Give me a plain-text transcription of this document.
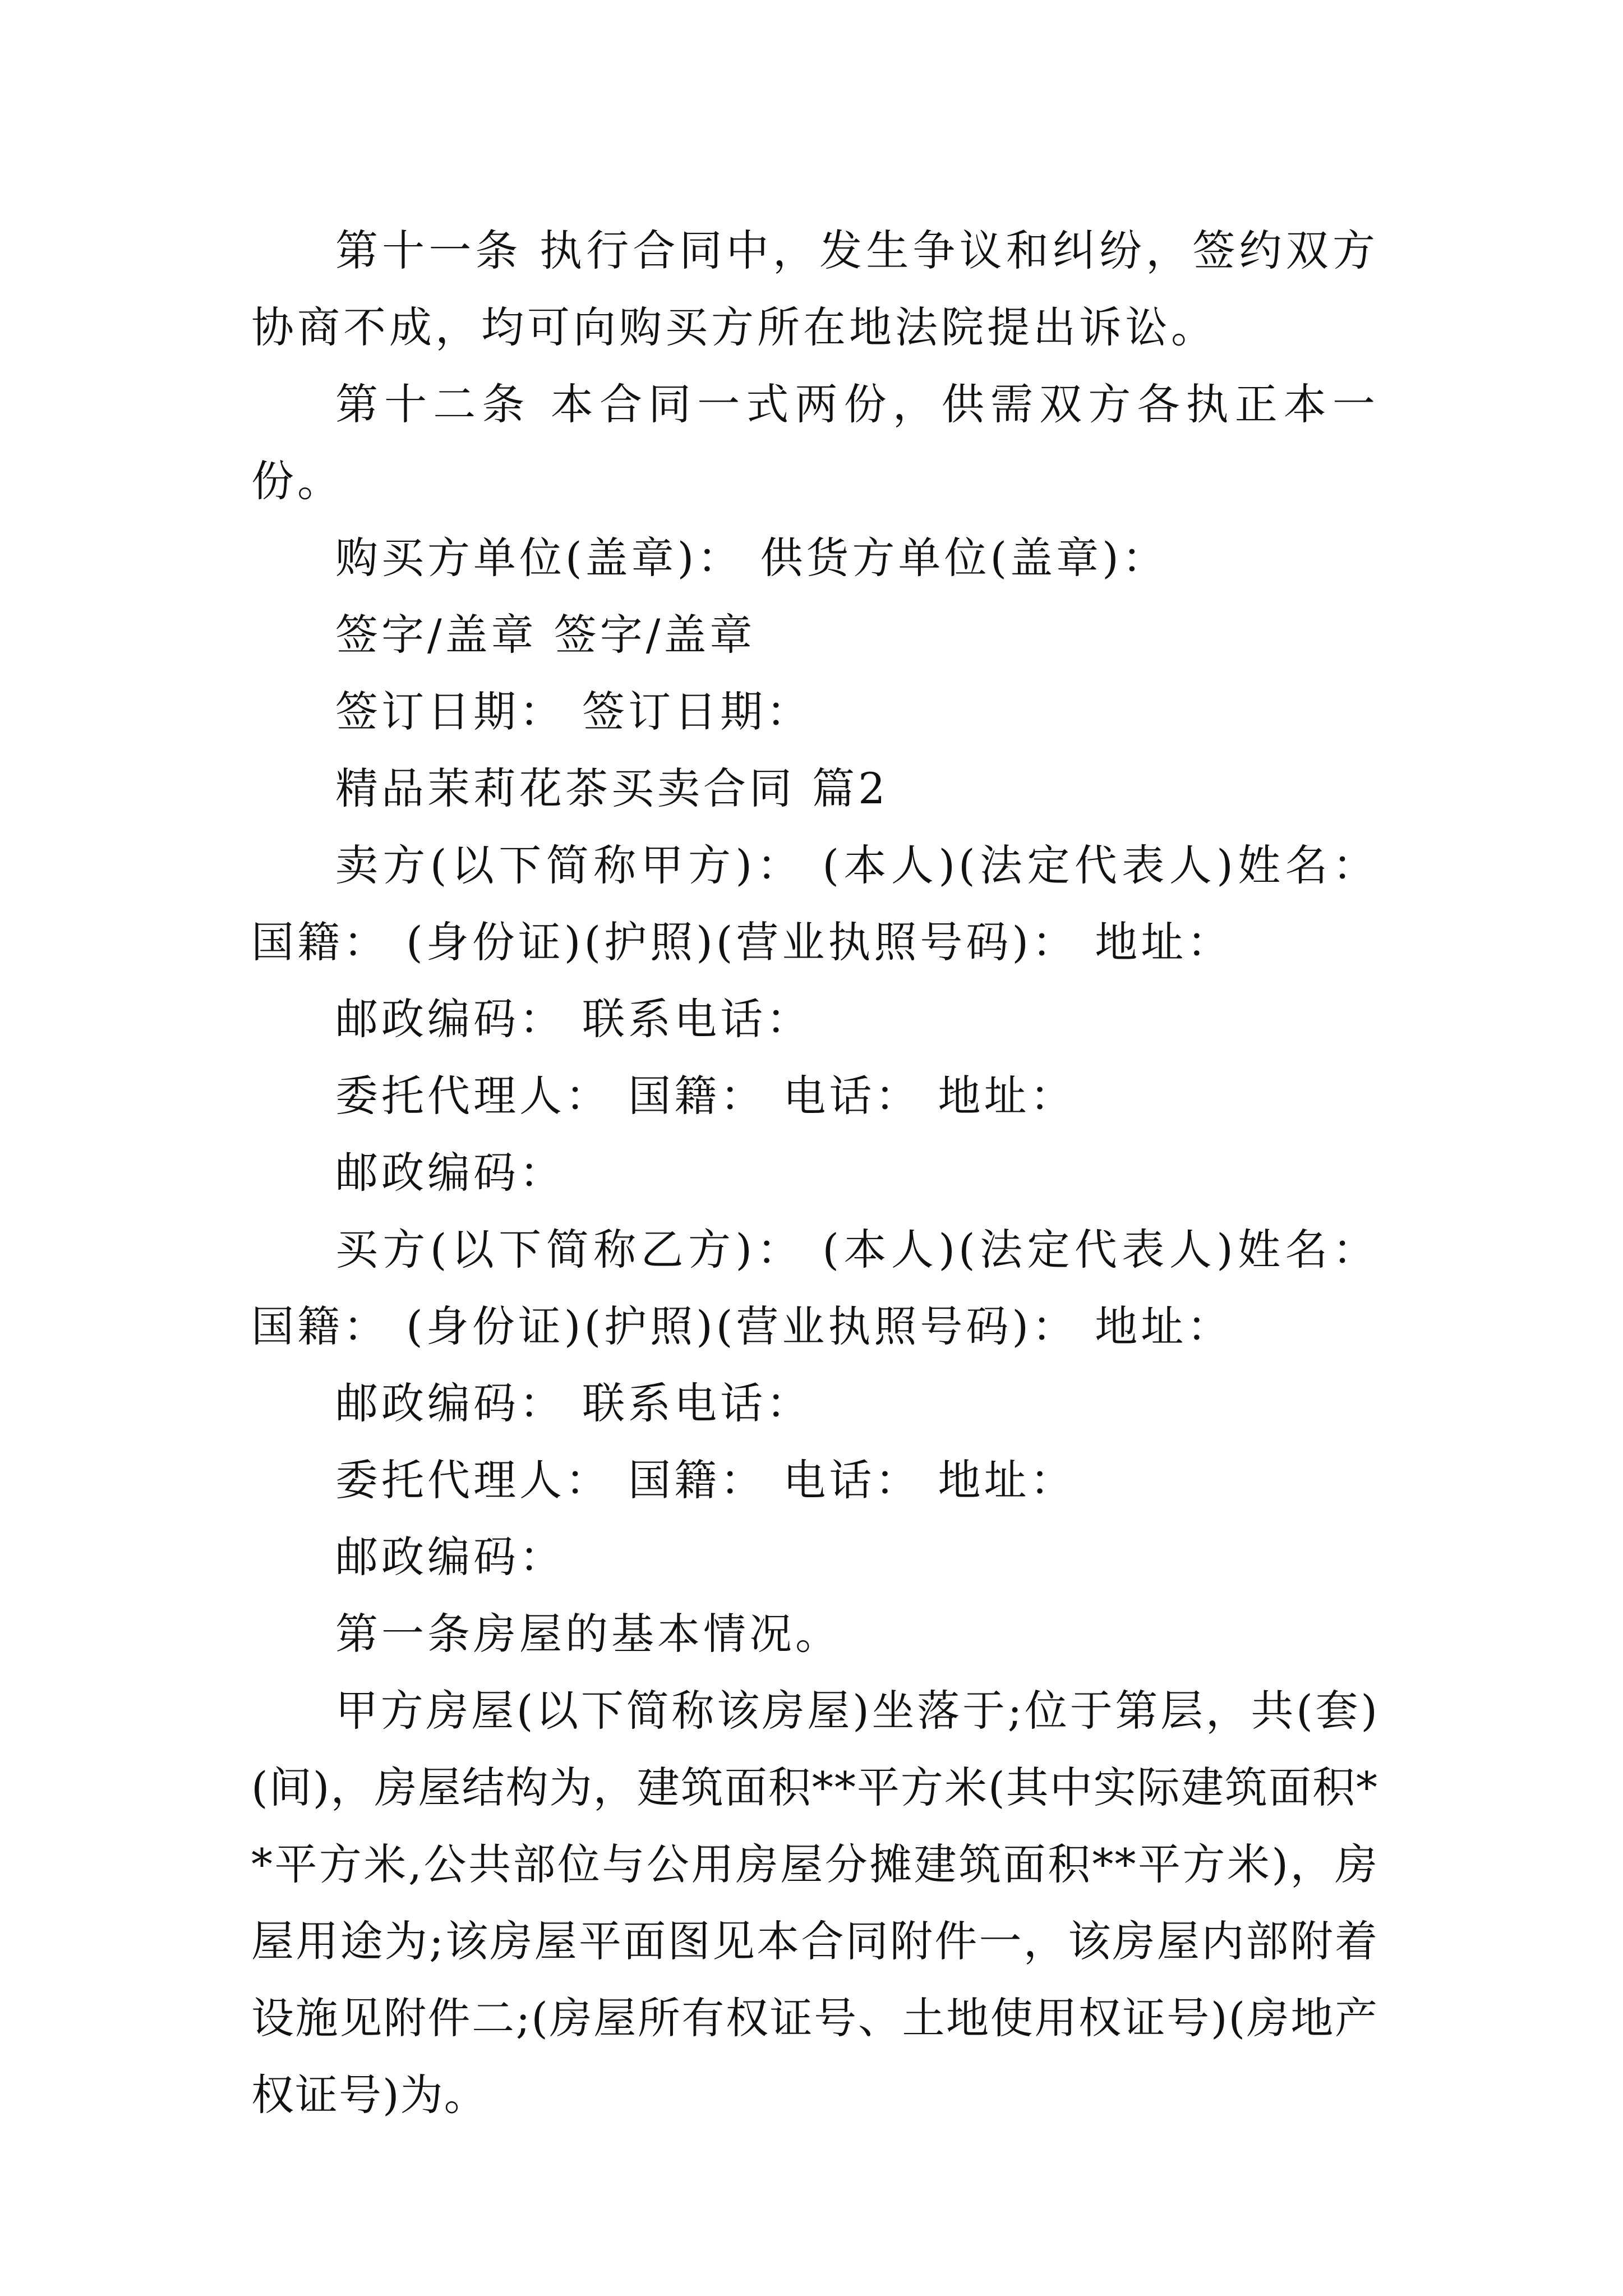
第十一条 执行合同中，发生争议和纠纷，签约双方协商不成，均可向购买方所在地法院提出诉讼。

第十二条 本合同一式两份，供需双方各执正本一份。

购买方单位(盖章)： 供货方单位(盖章)：

签字/盖章 签字/盖章

签订日期： 签订日期：

精品茉莉花茶买卖合同 篇2

卖方(以下简称甲方)： (本人)(法定代表人)姓名： 国籍： (身份证)(护照)(营业执照号码)： 地址：

邮政编码： 联系电话：

委托代理人： 国籍： 电话： 地址：

邮政编码：

买方(以下简称乙方)： (本人)(法定代表人)姓名： 国籍： (身份证)(护照)(营业执照号码)： 地址：

邮政编码： 联系电话：

委托代理人： 国籍： 电话： 地址：

邮政编码：

第一条房屋的基本情况。

甲方房屋(以下简称该房屋)坐落于;位于第层，共(套)(间)，房屋结构为，建筑面积**平方米(其中实际建筑面积**平方米,公共部位与公用房屋分摊建筑面积**平方米)，房屋用途为;该房屋平面图见本合同附件一，该房屋内部附着设施见附件二;(房屋所有权证号、土地使用权证号)(房地产权证号)为。
